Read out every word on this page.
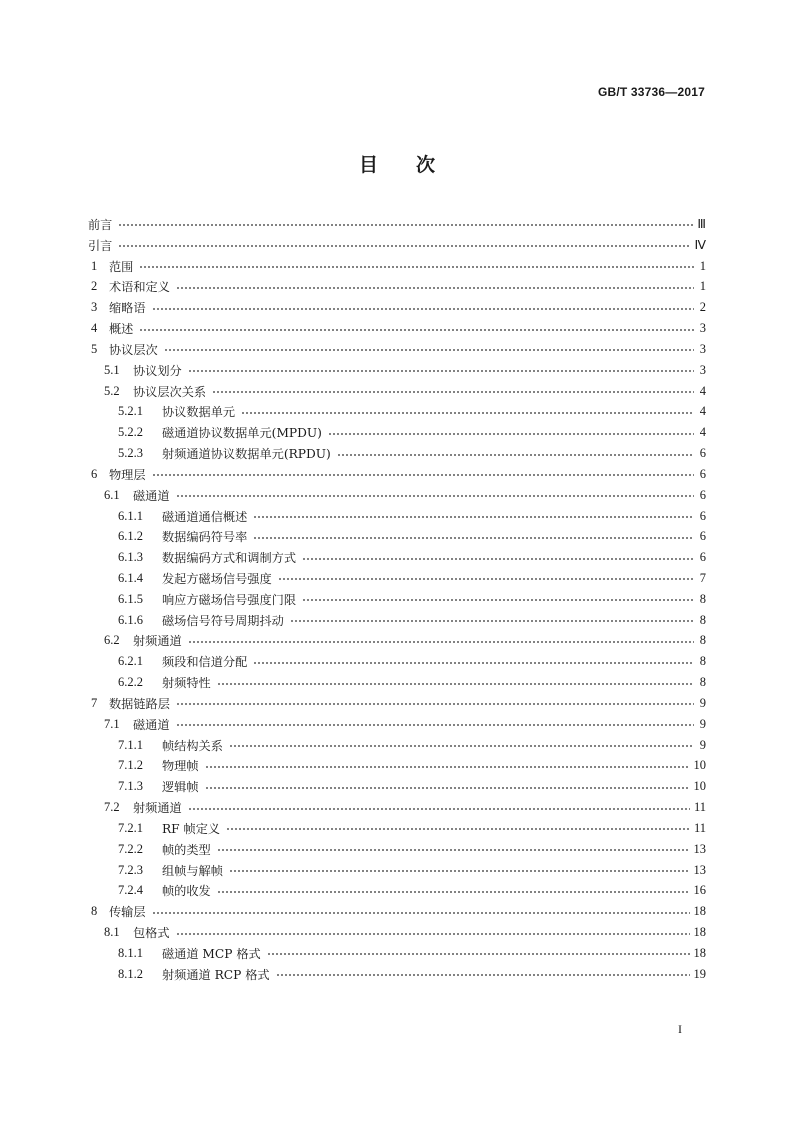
GB/T 33736—2017
目 次
前言	Ⅲ
引言	Ⅳ
1 范围	1
2 术语和定义	1
3 缩略语	2
4 概述	3
5 协议层次	3
5.1	协议划分	3
5.2	协议层次关系	4
5.2.1	协议数据单元	4
5.2.2	磁通道协议数据单元(MPDU)	4
5.2.3	射频通道协议数据单元(RPDU)	6
6 物理层	6
6.1	磁通道	6
6.1.1	磁通道通信概述	6
6.1.2	数据编码符号率	6
6.1.3	数据编码方式和调制方式	6
6.1.4	发起方磁场信号强度	7
6.1.5	响应方磁场信号强度门限	8
6.1.6	磁场信号符号周期抖动	8
6.2	射频通道	8
6.2.1	频段和信道分配	8
6.2.2	射频特性	8
7 数据链路层	9
7.1	磁通道	9
7.1.1	帧结构关系	9
7.1.2	物理帧	10
7.1.3	逻辑帧	10
7.2	射频通道	11
7.2.1	RF 帧定义	11
7.2.2	帧的类型	13
7.2.3	组帧与解帧	13
7.2.4	帧的收发	16
8 传输层	18
8.1	包格式	18
8.1.1	磁通道 MCP 格式	18
8.1.2	射频通道 RCP 格式	19
I
